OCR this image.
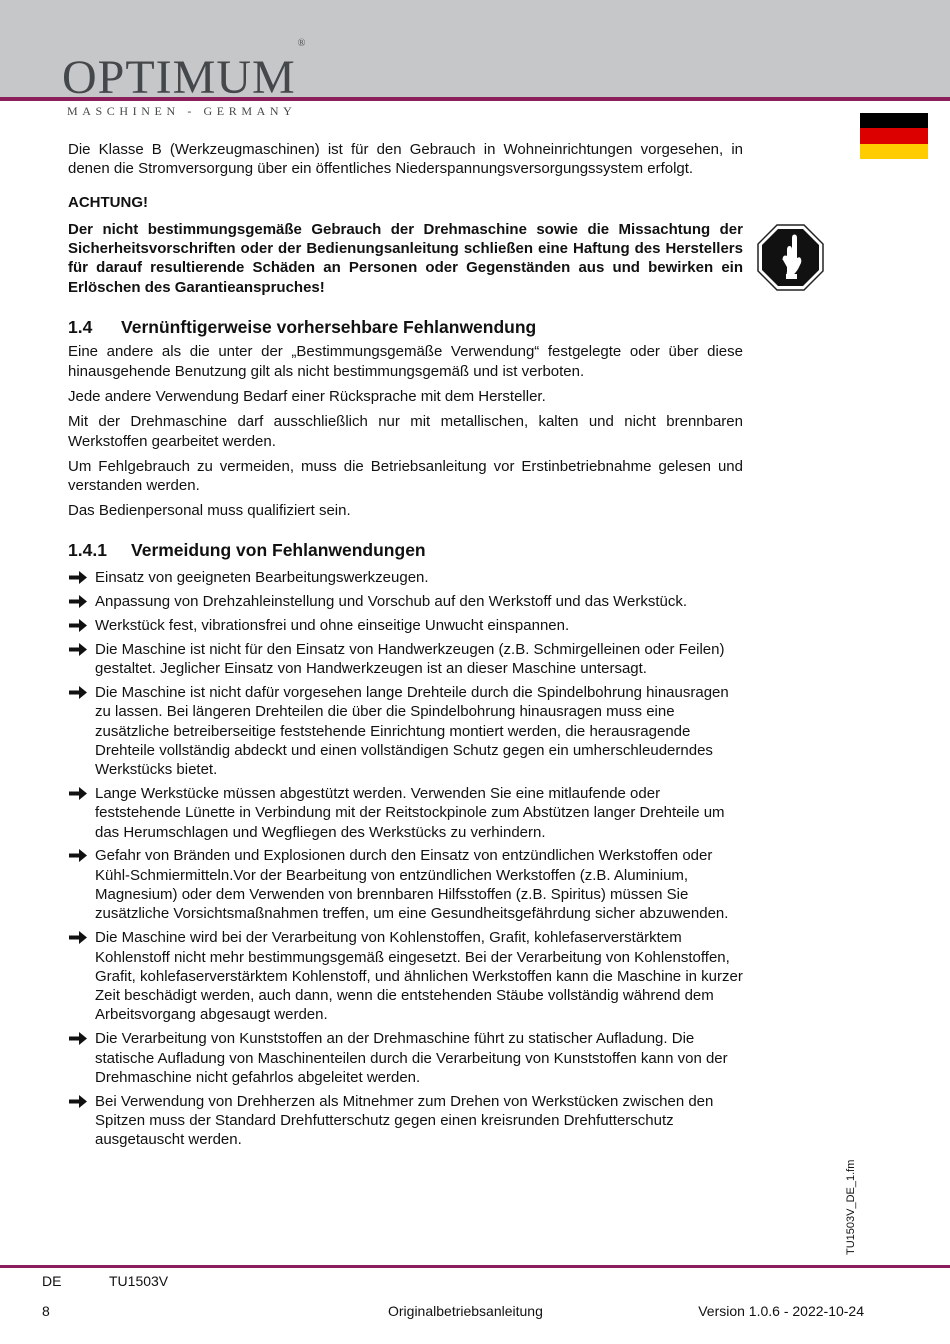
OPTIMUM®
MASCHINEN - GERMANY

Die Klasse B (Werkzeugmaschinen) ist für den Gebrauch in Wohneinrichtungen vorgesehen, in denen die Stromversorgung über ein öffentliches Niederspannungsversorgungssystem erfolgt.

ACHTUNG!

Der nicht bestimmungsgemäße Gebrauch der Drehmaschine sowie die Missachtung der Sicherheitsvorschriften oder der Bedienungsanleitung schließen eine Haftung des Herstellers für darauf resultierende Schäden an Personen oder Gegenständen aus und bewirken ein Erlöschen des Garantieanspruches!

1.4 Vernünftigerweise vorhersehbare Fehlanwendung

Eine andere als die unter der „Bestimmungsgemäße Verwendung“ festgelegte oder über diese hinausgehende Benutzung gilt als nicht bestimmungsgemäß und ist verboten.

Jede andere Verwendung Bedarf einer Rücksprache mit dem Hersteller.

Mit der Drehmaschine darf ausschließlich nur mit metallischen, kalten und nicht brennbaren Werkstoffen gearbeitet werden.

Um Fehlgebrauch zu vermeiden, muss die Betriebsanleitung vor Erstinbetriebnahme gelesen und verstanden werden.

Das Bedienpersonal muss qualifiziert sein.

1.4.1 Vermeidung von Fehlanwendungen
Einsatz von geeigneten Bearbeitungswerkzeugen.
Anpassung von Drehzahleinstellung und Vorschub auf den Werkstoff und das Werkstück.
Werkstück fest, vibrationsfrei und ohne einseitige Unwucht einspannen.
Die Maschine ist nicht für den Einsatz von Handwerkzeugen (z.B. Schmirgelleinen oder Feilen) gestaltet. Jeglicher Einsatz von Handwerkzeugen ist an dieser Maschine untersagt.
Die Maschine ist nicht dafür vorgesehen lange Drehteile durch die Spindelbohrung hinausragen zu lassen. Bei längeren Drehteilen die über die Spindelbohrung hinausragen muss eine zusätzliche betreiberseitige feststehende Einrichtung montiert werden, die herausragende Drehteile vollständig abdeckt und einen vollständigen Schutz gegen ein umherschleuderndes Werkstücks bietet.
Lange Werkstücke müssen abgestützt werden. Verwenden Sie eine mitlaufende oder feststehende Lünette in Verbindung mit der Reitstockpinole zum Abstützen langer Drehteile um das Herumschlagen und Wegfliegen des Werkstücks zu verhindern.
Gefahr von Bränden und Explosionen durch den Einsatz von entzündlichen Werkstoffen oder Kühl-Schmiermitteln.Vor der Bearbeitung von entzündlichen Werkstoffen (z.B. Aluminium, Magnesium) oder dem Verwenden von brennbaren Hilfsstoffen (z.B. Spiritus) müssen Sie zusätzliche Vorsichtsmaßnahmen treffen, um eine Gesundheitsgefährdung sicher abzuwenden.
Die Maschine wird bei der Verarbeitung von Kohlenstoffen, Grafit, kohlefaserverstärktem Kohlenstoff nicht mehr bestimmungsgemäß eingesetzt. Bei der Verarbeitung von Kohlenstoffen, Grafit, kohlefaserverstärktem Kohlenstoff, und ähnlichen Werkstoffen kann die Maschine in kurzer Zeit beschädigt werden, auch dann, wenn die entstehenden Stäube vollständig während dem Arbeitsvorgang abgesaugt werden.
Die Verarbeitung von Kunststoffen an der Drehmaschine führt zu statischer Aufladung. Die statische Aufladung von Maschinenteilen durch die Verarbeitung von Kunststoffen kann von der Drehmaschine nicht gefahrlos abgeleitet werden.
Bei Verwendung von Drehherzen als Mitnehmer zum Drehen von Werkstücken zwischen den Spitzen muss der Standard Drehfutterschutz gegen einen kreisrunden Drehfutterschutz ausgetauscht werden.
TU1503V_DE_1.fm
DE	TU1503V
8	Originalbetriebsanleitung	Version 1.0.6 - 2022-10-24
